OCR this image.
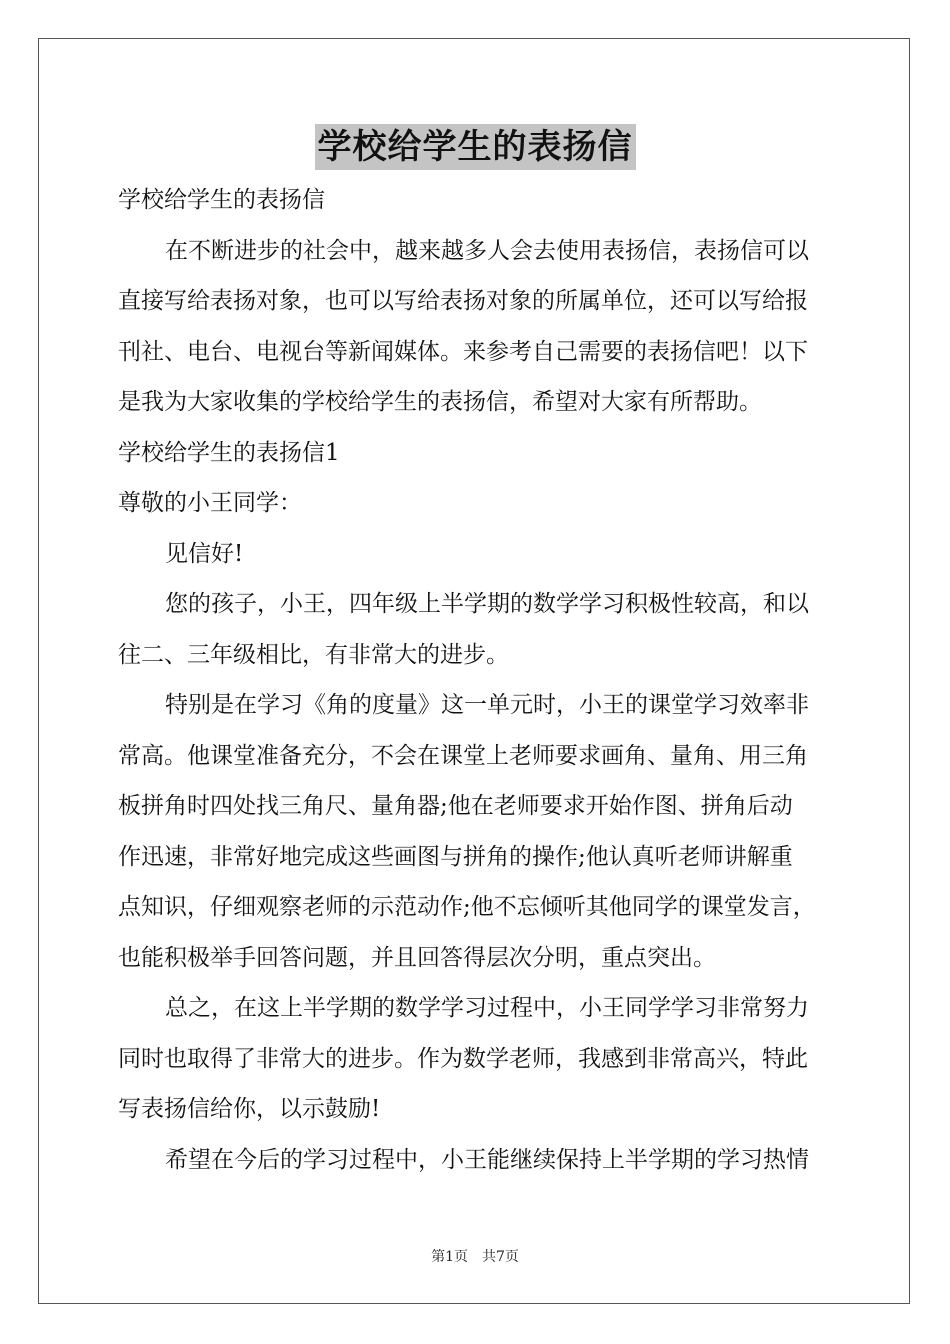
学校给学生的表扬信

学校给学生的表扬信

在不断进步的社会中，越来越多人会去使用表扬信，表扬信可以

直接写给表扬对象，也可以写给表扬对象的所属单位，还可以写给报

刊社、电台、电视台等新闻媒体。来参考自己需要的表扬信吧！以下

是我为大家收集的学校给学生的表扬信，希望对大家有所帮助。

学校给学生的表扬信1

尊敬的小王同学：

见信好!

您的孩子，小王，四年级上半学期的数学学习积极性较高，和以

往二、三年级相比，有非常大的进步。

特别是在学习《角的度量》这一单元时，小王的课堂学习效率非

常高。他课堂准备充分，不会在课堂上老师要求画角、量角、用三角

板拼角时四处找三角尺、量角器;他在老师要求开始作图、拼角后动

作迅速，非常好地完成这些画图与拼角的操作;他认真听老师讲解重

点知识，仔细观察老师的示范动作;他不忘倾听其他同学的课堂发言，

也能积极举手回答问题，并且回答得层次分明，重点突出。

总之，在这上半学期的数学学习过程中，小王同学学习非常努力

同时也取得了非常大的进步。作为数学老师，我感到非常高兴，特此

写表扬信给你，以示鼓励!

希望在今后的学习过程中，小王能继续保持上半学期的学习热情

第1页 共7页
